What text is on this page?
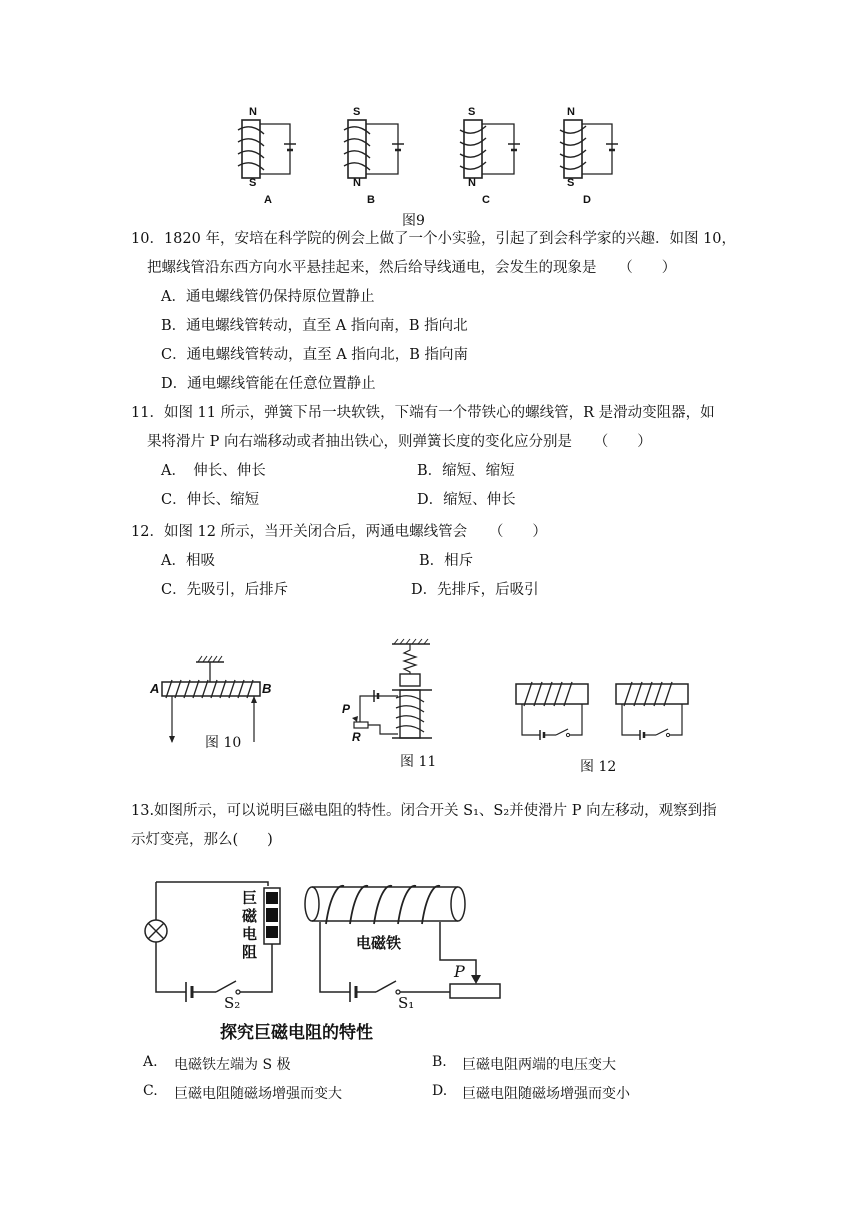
N
S
A
S
N
B
S
N
C
N
S
D
图9
10．1820 年，安培在科学院的例会上做了一个小实验，引起了到会科学家的兴趣．如图 10，
把螺线管沿东西方向水平悬挂起来，然后给导线通电，会发生的现象是　　（　　）
A．通电螺线管仍保持原位置静止
B．通电螺线管转动，直至 A 指向南，B 指向北
C．通电螺线管转动，直至 A 指向北，B 指向南
D．通电螺线管能在任意位置静止
11．如图 11 所示，弹簧下吊一块软铁，下端有一个带铁心的螺线管，R 是滑动变阻器，如
果将滑片 P 向右端移动或者抽出铁心，则弹簧长度的变化应分别是　　（　　）
A．　伸长、伸长	B．缩短、缩短
C．伸长、缩短	D．缩短、伸长
12．如图 12 所示，当开关闭合后，两通电螺线管会　　（　　）
A．相吸	B．相斥
C．先吸引，后排斥	D．先排斥，后吸引
A	B
图 10
P
R
图 11	图 12
13.如图所示，可以说明巨磁电阻的特性。闭合开关 S₁、S₂并使滑片 P 向左移动，观察到指
示灯变亮，那么(　　)
巨磁电阻
电磁铁
S₂	S₁
P
探究巨磁电阻的特性
A. 电磁铁左端为 S 极	B. 巨磁电阻两端的电压变大
C. 巨磁电阻随磁场增强而变大	D. 巨磁电阻随磁场增强而变小
